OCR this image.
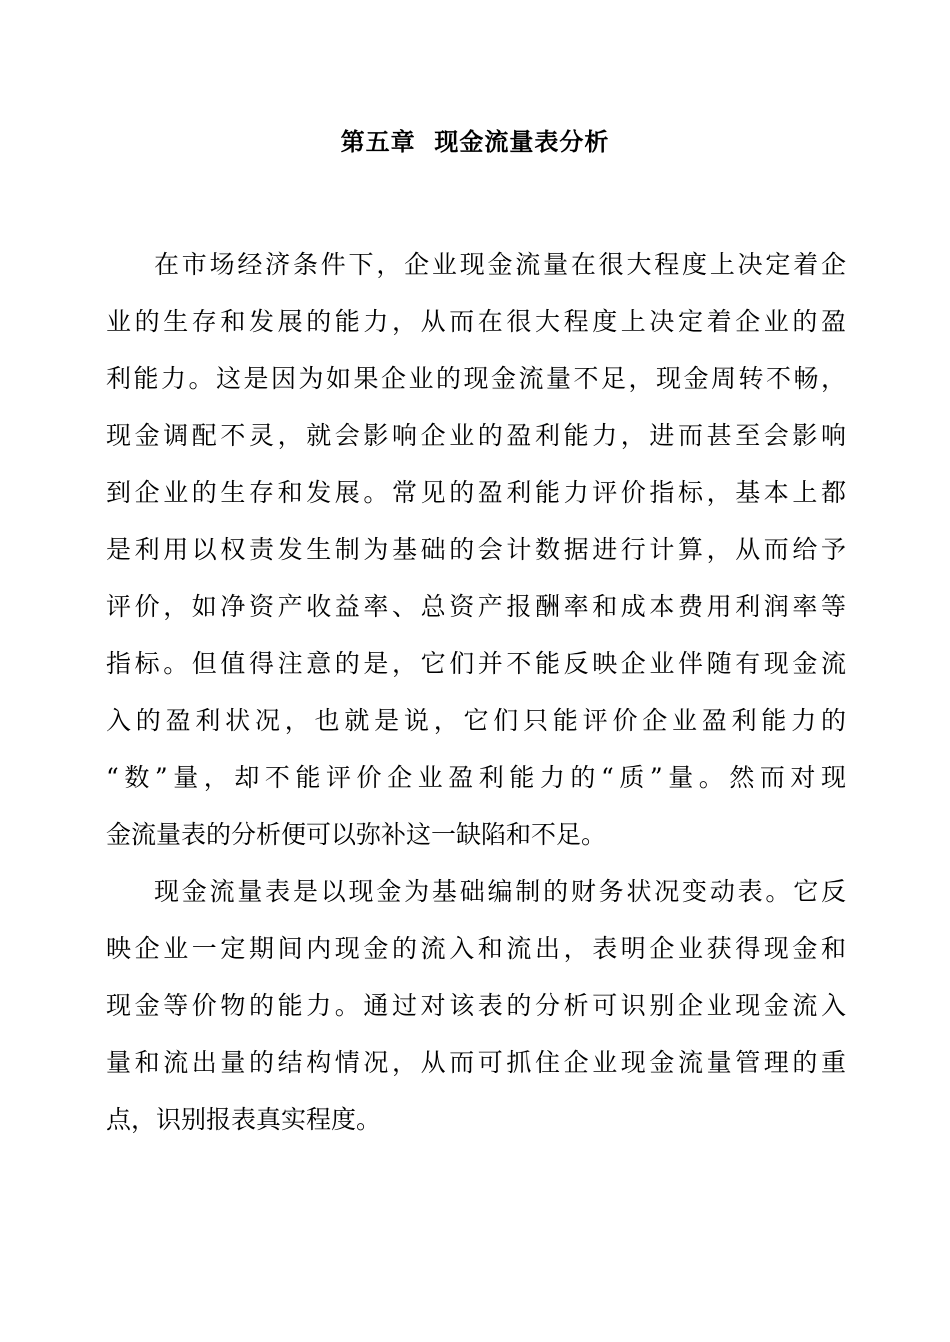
第五章  现金流量表分析
在市场经济条件下，企业现金流量在很大程度上决定着企
业的生存和发展的能力，从而在很大程度上决定着企业的盈
利能力。这是因为如果企业的现金流量不足，现金周转不畅，
现金调配不灵，就会影响企业的盈利能力，进而甚至会影响
到企业的生存和发展。常见的盈利能力评价指标，基本上都
是利用以权责发生制为基础的会计数据进行计算，从而给予
评价，如净资产收益率、总资产报酬率和成本费用利润率等
指标。但值得注意的是，它们并不能反映企业伴随有现金流
入的盈利状况，也就是说，它们只能评价企业盈利能力的
“数”量，却不能评价企业盈利能力的“质”量。然而对现
金流量表的分析便可以弥补这一缺陷和不足。
现金流量表是以现金为基础编制的财务状况变动表。它反
映企业一定期间内现金的流入和流出，表明企业获得现金和
现金等价物的能力。通过对该表的分析可识别企业现金流入
量和流出量的结构情况，从而可抓住企业现金流量管理的重
点，识别报表真实程度。
